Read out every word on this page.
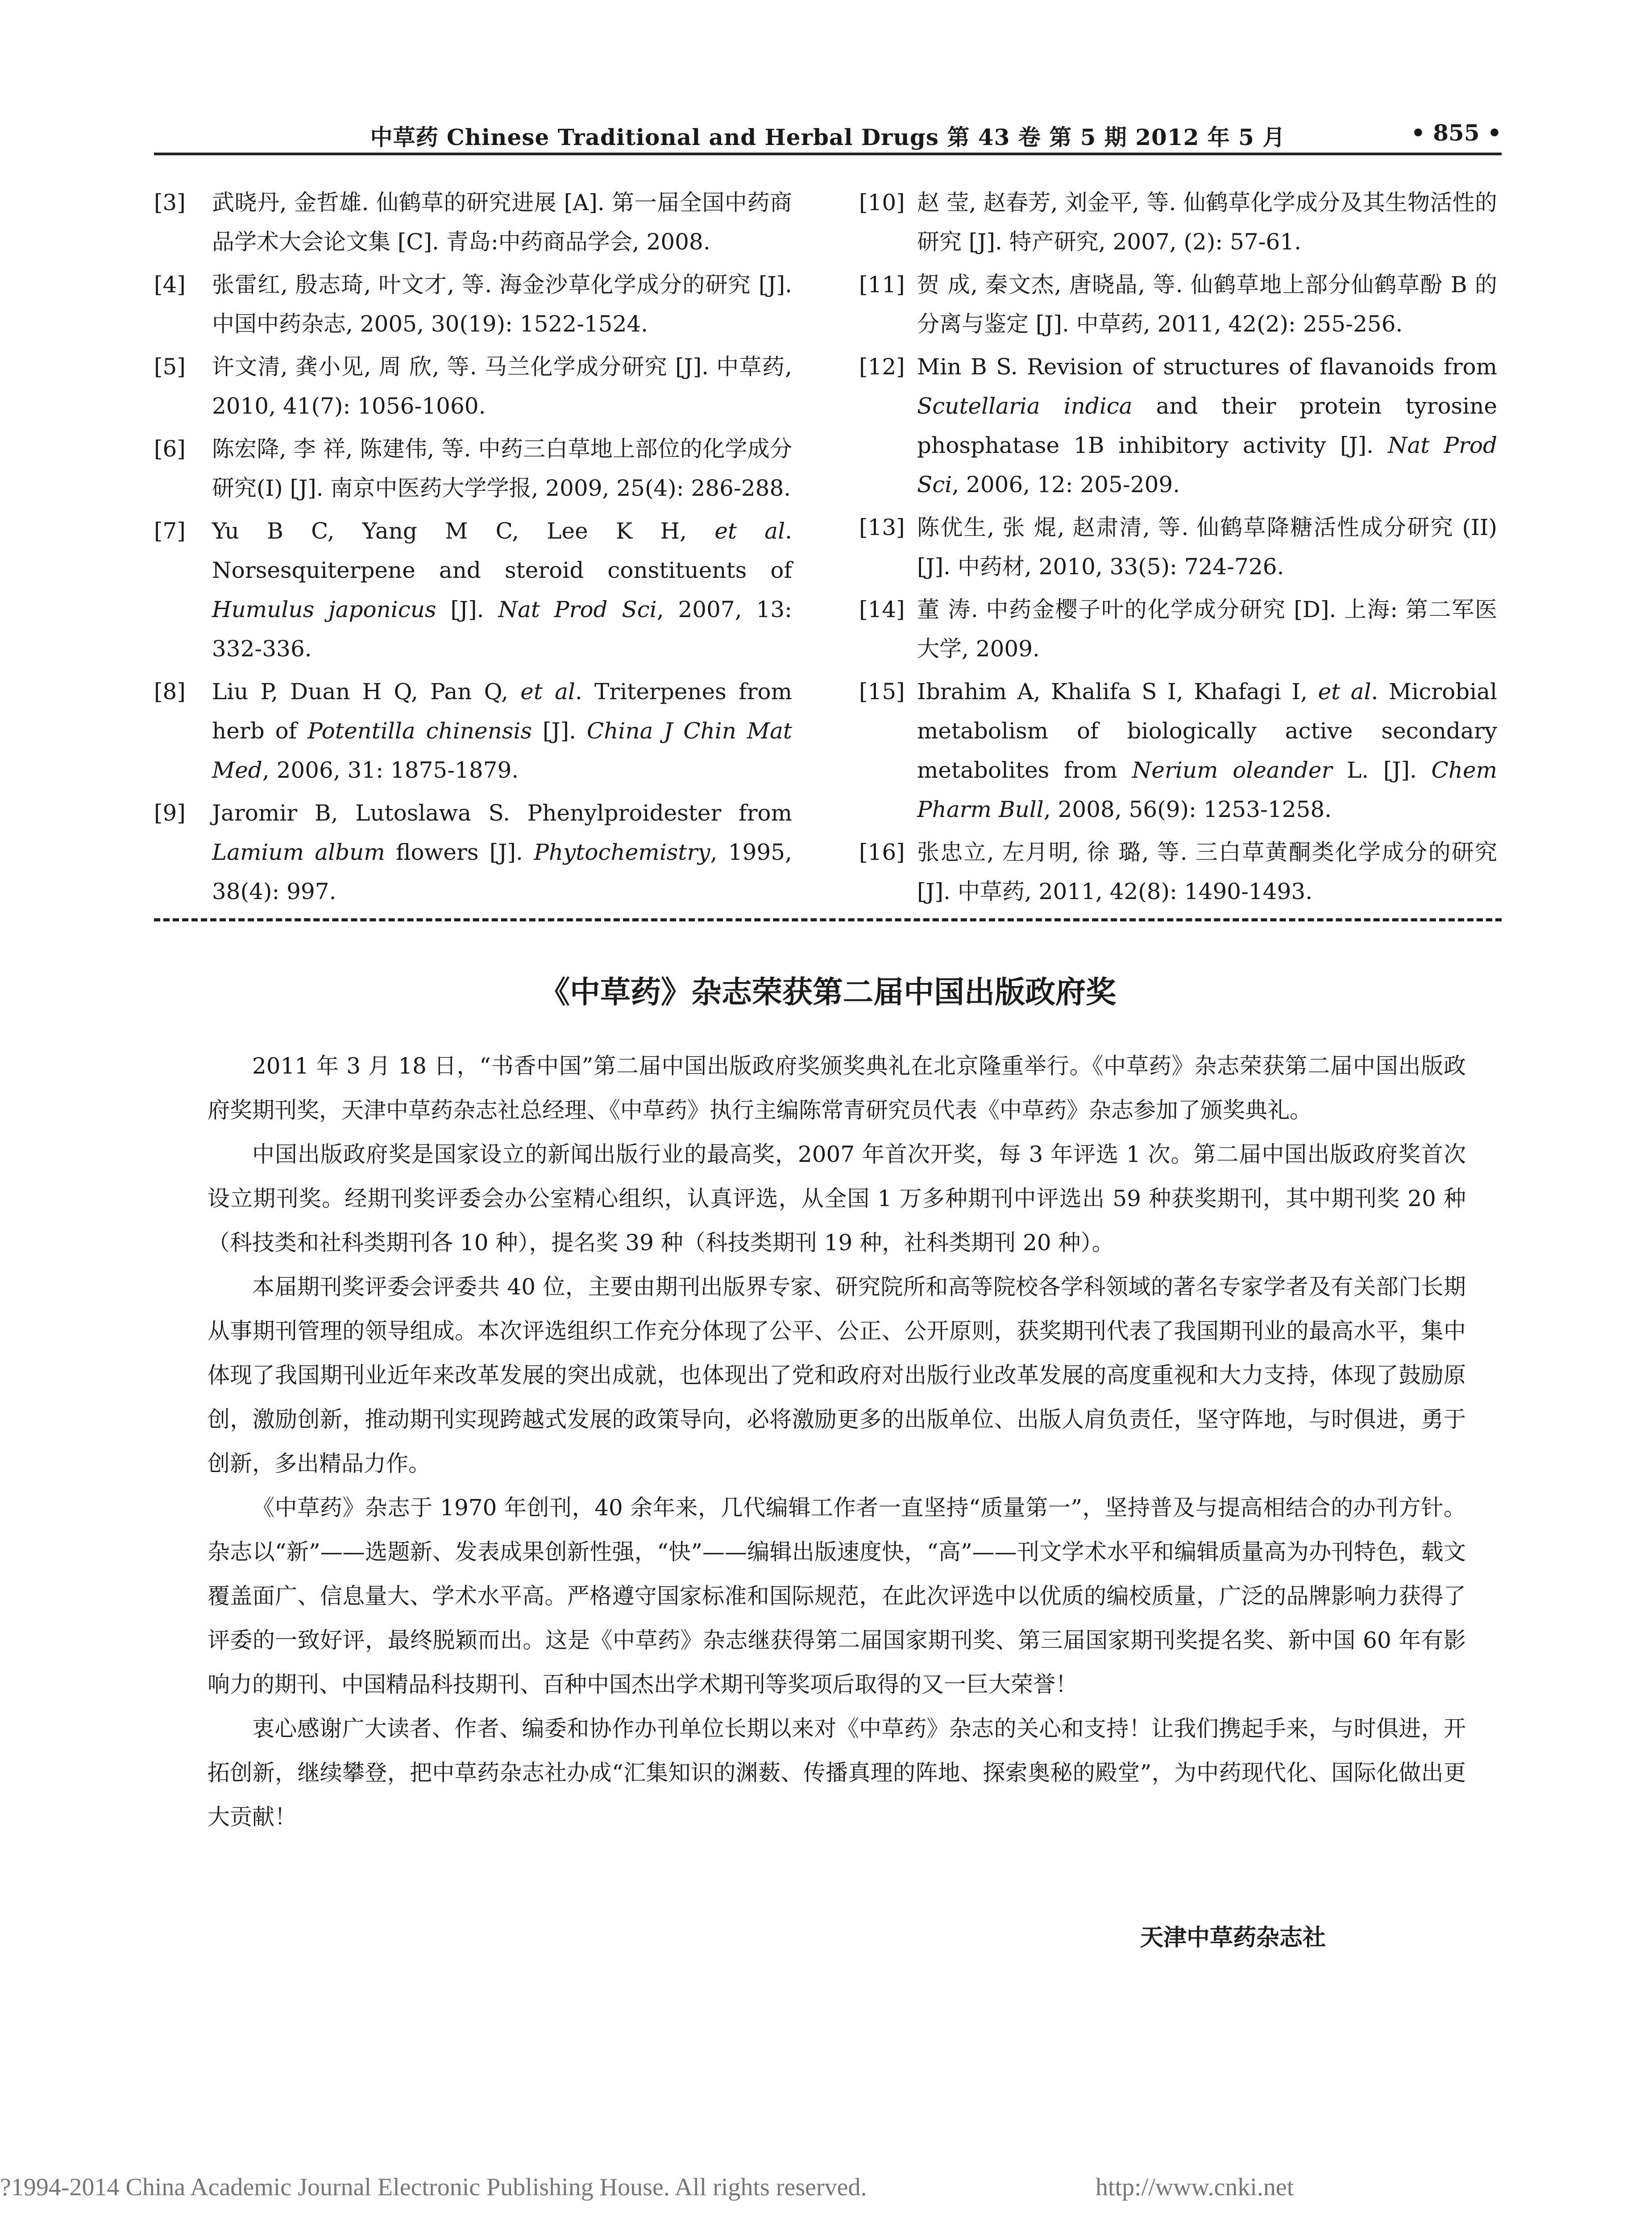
中草药 Chinese Traditional and Herbal Drugs 第 43 卷 第 5 期 2012 年 5 月	• 855 •
[3] 武晓丹, 金哲雄. 仙鹤草的研究进展 [A]. 第一届全国中药商品学术大会论文集 [C]. 青岛:中药商品学会, 2008.
[4] 张雷红, 殷志琦, 叶文才, 等. 海金沙草化学成分的研究 [J]. 中国中药杂志, 2005, 30(19): 1522-1524.
[5] 许文清, 龚小见, 周 欣, 等. 马兰化学成分研究 [J]. 中草药, 2010, 41(7): 1056-1060.
[6] 陈宏降, 李 祥, 陈建伟, 等. 中药三白草地上部位的化学成分研究(I) [J]. 南京中医药大学学报, 2009, 25(4): 286-288.
[7] Yu B C, Yang M C, Lee K H, et al. Norsesquiterpene and steroid constituents of Humulus japonicus [J]. Nat Prod Sci, 2007, 13: 332-336.
[8] Liu P, Duan H Q, Pan Q, et al. Triterpenes from herb of Potentilla chinensis [J]. China J Chin Mat Med, 2006, 31: 1875-1879.
[9] Jaromir B, Lutoslawa S. Phenylproidester from Lamium album flowers [J]. Phytochemistry, 1995, 38(4): 997.
[10] 赵 莹, 赵春芳, 刘金平, 等. 仙鹤草化学成分及其生物活性的研究 [J]. 特产研究, 2007, (2): 57-61.
[11] 贺 成, 秦文杰, 唐晓晶, 等. 仙鹤草地上部分仙鹤草酚 B 的分离与鉴定 [J]. 中草药, 2011, 42(2): 255-256.
[12] Min B S. Revision of structures of flavanoids from Scutellaria indica and their protein tyrosine phosphatase 1B inhibitory activity [J]. Nat Prod Sci, 2006, 12: 205-209.
[13] 陈优生, 张 焜, 赵肃清, 等. 仙鹤草降糖活性成分研究 (II) [J]. 中药材, 2010, 33(5): 724-726.
[14] 董 涛. 中药金樱子叶的化学成分研究 [D]. 上海: 第二军医大学, 2009.
[15] Ibrahim A, Khalifa S I, Khafagi I, et al. Microbial metabolism of biologically active secondary metabolites from Nerium oleander L. [J]. Chem Pharm Bull, 2008, 56(9): 1253-1258.
[16] 张忠立, 左月明, 徐 璐, 等. 三白草黄酮类化学成分的研究 [J]. 中草药, 2011, 42(8): 1490-1493.
《中草药》杂志荣获第二届中国出版政府奖

2011 年 3 月 18 日，“书香中国”第二届中国出版政府奖颁奖典礼在北京隆重举行。《中草药》杂志荣获第二届中国出版政府奖期刊奖，天津中草药杂志社总经理、《中草药》执行主编陈常青研究员代表《中草药》杂志参加了颁奖典礼。

中国出版政府奖是国家设立的新闻出版行业的最高奖，2007 年首次开奖，每 3 年评选 1 次。第二届中国出版政府奖首次设立期刊奖。经期刊奖评委会办公室精心组织，认真评选，从全国 1 万多种期刊中评选出 59 种获奖期刊，其中期刊奖 20 种（科技类和社科类期刊各 10 种），提名奖 39 种（科技类期刊 19 种，社科类期刊 20 种）。

本届期刊奖评委会评委共 40 位，主要由期刊出版界专家、研究院所和高等院校各学科领域的著名专家学者及有关部门长期从事期刊管理的领导组成。本次评选组织工作充分体现了公平、公正、公开原则，获奖期刊代表了我国期刊业的最高水平，集中体现了我国期刊业近年来改革发展的突出成就，也体现出了党和政府对出版行业改革发展的高度重视和大力支持，体现了鼓励原创，激励创新，推动期刊实现跨越式发展的政策导向，必将激励更多的出版单位、出版人肩负责任，坚守阵地，与时俱进，勇于创新，多出精品力作。

《中草药》杂志于 1970 年创刊，40 余年来，几代编辑工作者一直坚持“质量第一”，坚持普及与提高相结合的办刊方针。杂志以“新”——选题新、发表成果创新性强，“快”——编辑出版速度快，“高”——刊文学术水平和编辑质量高为办刊特色，载文覆盖面广、信息量大、学术水平高。严格遵守国家标准和国际规范，在此次评选中以优质的编校质量，广泛的品牌影响力获得了评委的一致好评，最终脱颖而出。这是《中草药》杂志继获得第二届国家期刊奖、第三届国家期刊奖提名奖、新中国 60 年有影响力的期刊、中国精品科技期刊、百种中国杰出学术期刊等奖项后取得的又一巨大荣誉！

衷心感谢广大读者、作者、编委和协作办刊单位长期以来对《中草药》杂志的关心和支持！让我们携起手来，与时俱进，开拓创新，继续攀登，把中草药杂志社办成“汇集知识的渊薮、传播真理的阵地、探索奥秘的殿堂”，为中药现代化、国际化做出更大贡献！

天津中草药杂志社
?1994-2014 China Academic Journal Electronic Publishing House. All rights reserved.	http://www.cnki.net
